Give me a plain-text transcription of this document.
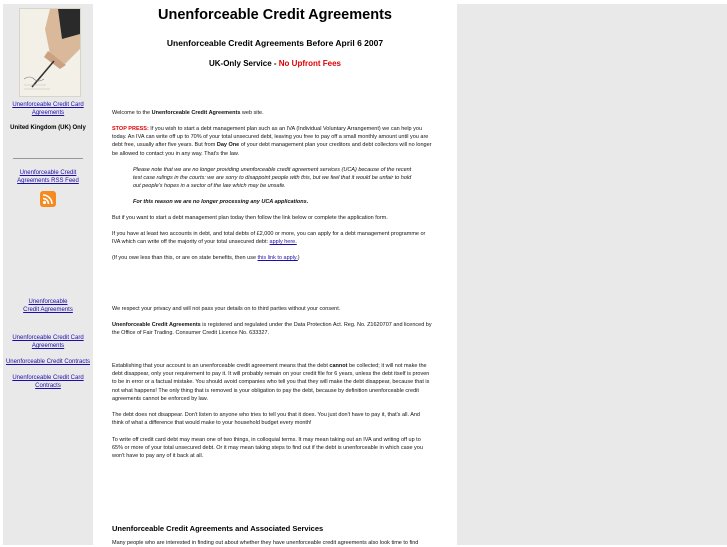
Unenforceable Credit Card Agreements
United Kingdom (UK) Only
Unenforceable Credit Agreements RSS Feed
Unenforceable Credit Agreements
Unenforceable Credit Card Agreements
Unenforceable Credit Contracts
Unenforceable Credit Card Contracts
Unenforceable Credit Agreements
Unenforceable Credit Agreements Before April 6 2007
UK-Only Service - No Upfront Fees

Welcome to the Unenforceable Credit Agreements web site.

STOP PRESS: If you wish to start a debt management plan such as an IVA (Individual Voluntary Arrangement) we can help you today. An IVA can write off up to 70% of your total unsecured debt, leaving you free to pay off a small monthly amount until you are debt free, usually after five years. But from Day One of your debt management plan your creditors and debt collectors will no longer be allowed to contact you in any way. That's the law.

Please note that we are no longer providing unenforceable credit agreement services (UCA) because of the recent test case rulings in the courts: we are sorry to disappoint people with this, but we feel that it would be unfair to hold out people's hopes in a sector of the law which may be unsafe.

For this reason we are no longer processing any UCA applications.

But if you want to start a debt management plan today then follow the link below or complete the application form.

If you have at least two accounts in debt, and total debts of £2,000 or more, you can apply for a debt management programme or IVA which can write off the majority of your total unsecured debt: apply here.

(If you owe less than this, or are on state benefits, then use this link to apply.)

We respect your privacy and will not pass your details on to third parties without your consent.

Unenforceable Credit Agreements is registered and regulated under the Data Protection Act. Reg. No. Z1620707 and licenced by the Office of Fair Trading. Consumer Credit Licence No. 633327.

Establishing that your account is an unenforceable credit agreement means that the debt cannot be collected; it will not make the debt disappear, only your requirement to pay it. It will probably remain on your credit file for 6 years, unless the debt itself is proven to be in error or a factual mistake. You should avoid companies who tell you that they will make the debt disappear, because that is not what happens! The only thing that is removed is your obligation to pay the debt, because by definition unenforceable credit agreements cannot be enforced by law.

The debt does not disappear. Don't listen to anyone who tries to tell you that it does. You just don't have to pay it, that's all. And think of what a difference that would make to your household budget every month!

To write off credit card debt may mean one of two things, in colloquial terms. It may mean taking out an IVA and writing off up to 65% or more of your total unsecured debt. Or it may mean taking steps to find out if the debt is unenforceable in which case you won't have to pay any of it back at all.

Unenforceable Credit Agreements and Associated Services

Many people who are interested in finding out about whether they have unenforceable credit agreements also look time to find
